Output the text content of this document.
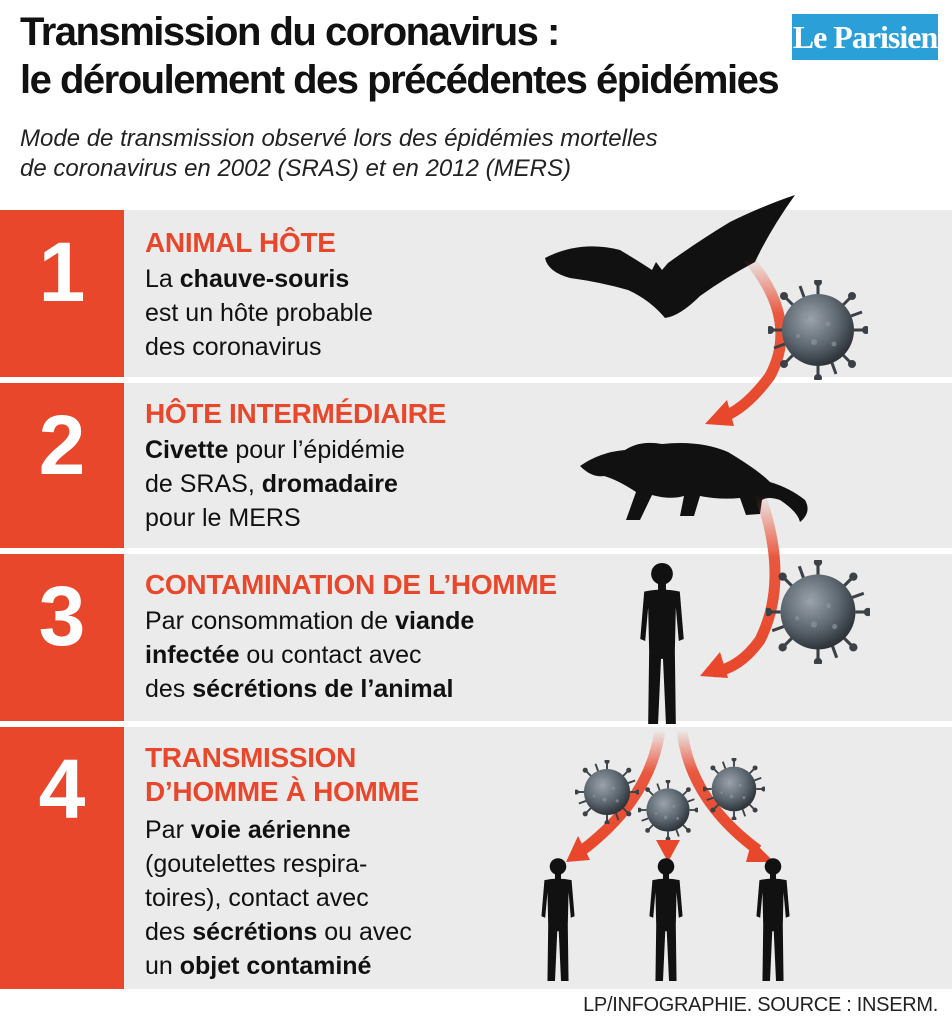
Transmission du coronavirus :
le déroulement des précédentes épidémies
Le Parisien

Mode de transmission observé lors des épidémies mortelles
de coronavirus en 2002 (SRAS) et en 2012 (MERS)

1 ANIMAL HÔTE

La chauve-souris
est un hôte probable
des coronavirus

2 HÔTE INTERMÉDIAIRE

Civette pour l’épidémie
de SRAS, dromadaire
pour le MERS

3 CONTAMINATION DE L’HOMME

Par consommation de viande
infectée ou contact avec
des sécrétions de l’animal

4 TRANSMISSION
D’HOMME À HOMME

Par voie aérienne
(goutelettes respira-
toires), contact avec
des sécrétions ou avec
un objet contaminé

LP/INFOGRAPHIE. SOURCE : INSERM.
